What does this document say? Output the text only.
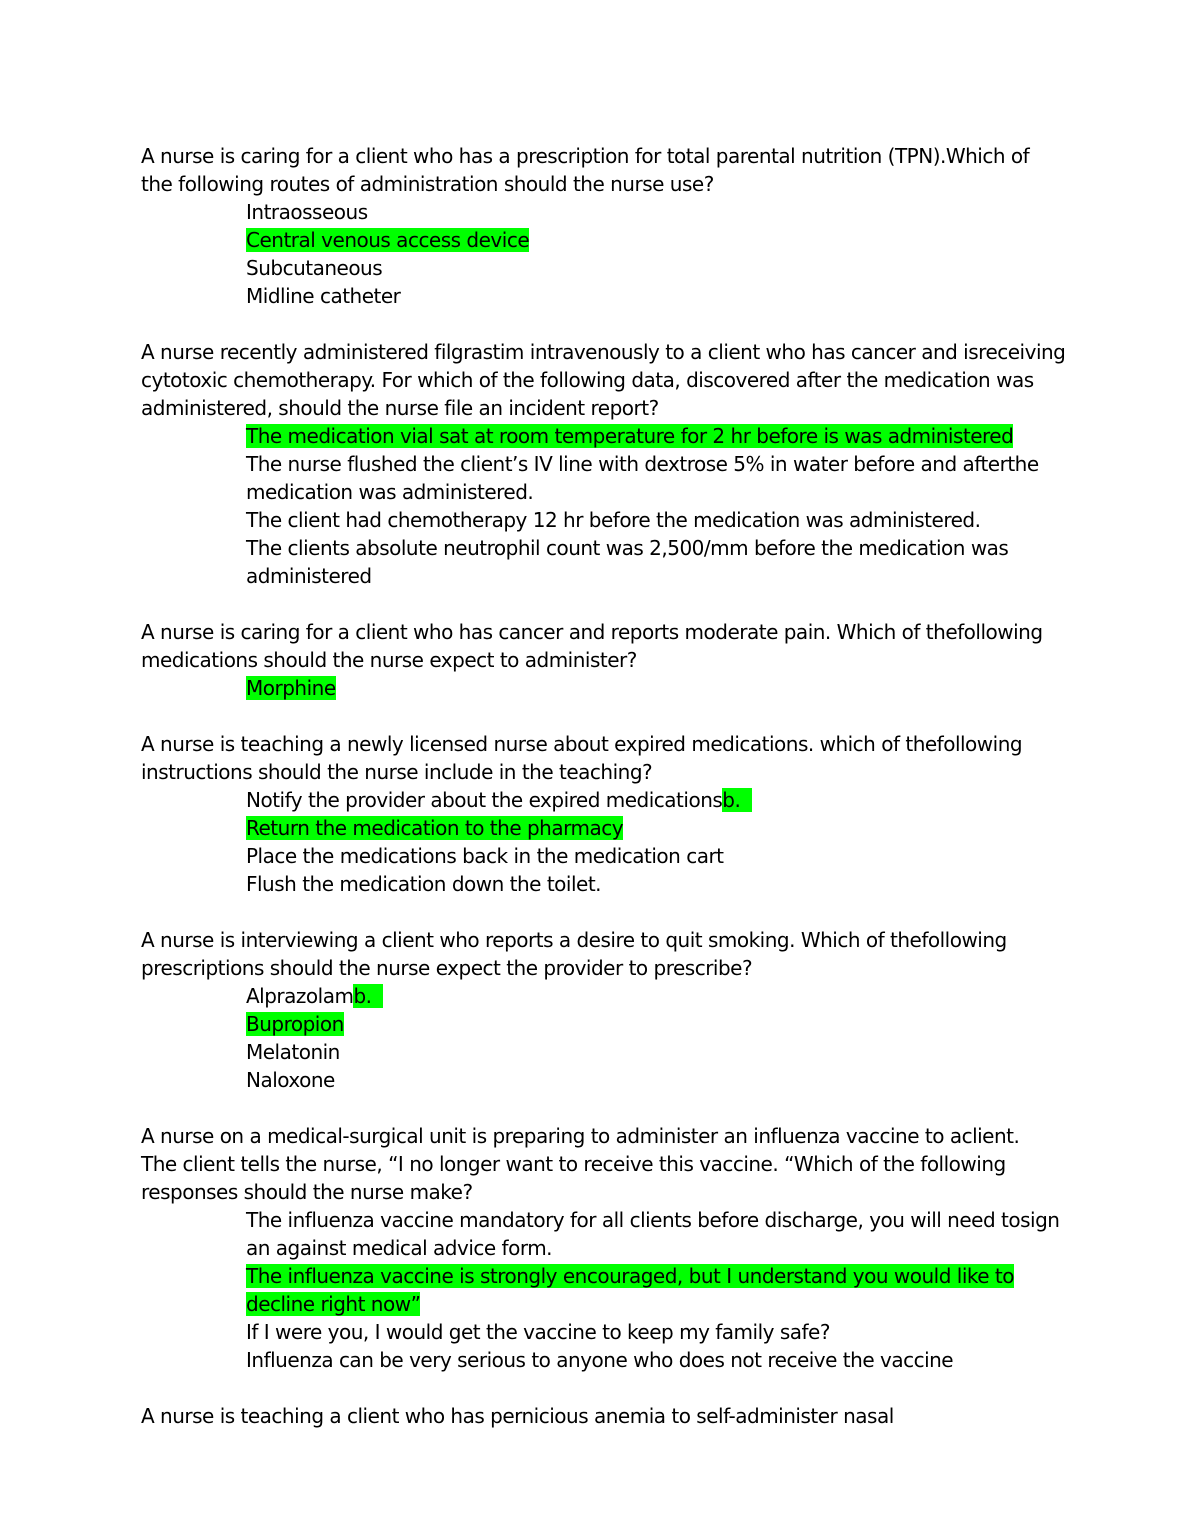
A nurse is caring for a client who has a prescription for total parental nutrition (TPN).Which of
the following routes of administration should the nurse use?
Intraosseous
Central venous access device
Subcutaneous
Midline catheter
A nurse recently administered filgrastim intravenously to a client who has cancer and isreceiving
cytotoxic chemotherapy. For which of the following data, discovered after the medication was
administered, should the nurse file an incident report?
The medication vial sat at room temperature for 2 hr before is was administered
The nurse flushed the client’s IV line with dextrose 5% in water before and afterthe
medication was administered.
The client had chemotherapy 12 hr before the medication was administered.
The clients absolute neutrophil count was 2,500/mm before the medication was
administered
A nurse is caring for a client who has cancer and reports moderate pain. Which of thefollowing
medications should the nurse expect to administer?
Morphine
A nurse is teaching a newly licensed nurse about expired medications. which of thefollowing
instructions should the nurse include in the teaching?
Notify the provider about the expired medicationsb.
Return the medication to the pharmacy
Place the medications back in the medication cart
Flush the medication down the toilet.
A nurse is interviewing a client who reports a desire to quit smoking. Which of thefollowing
prescriptions should the nurse expect the provider to prescribe?
Alprazolamb.
Bupropion
Melatonin
Naloxone
A nurse on a medical-surgical unit is preparing to administer an influenza vaccine to aclient.
The client tells the nurse, “I no longer want to receive this vaccine. “Which of the following
responses should the nurse make?
The influenza vaccine mandatory for all clients before discharge, you will need tosign
an against medical advice form.
The influenza vaccine is strongly encouraged, but I understand you would like to
decline right now”
If I were you, I would get the vaccine to keep my family safe?
Influenza can be very serious to anyone who does not receive the vaccine
A nurse is teaching a client who has pernicious anemia to self-administer nasal
